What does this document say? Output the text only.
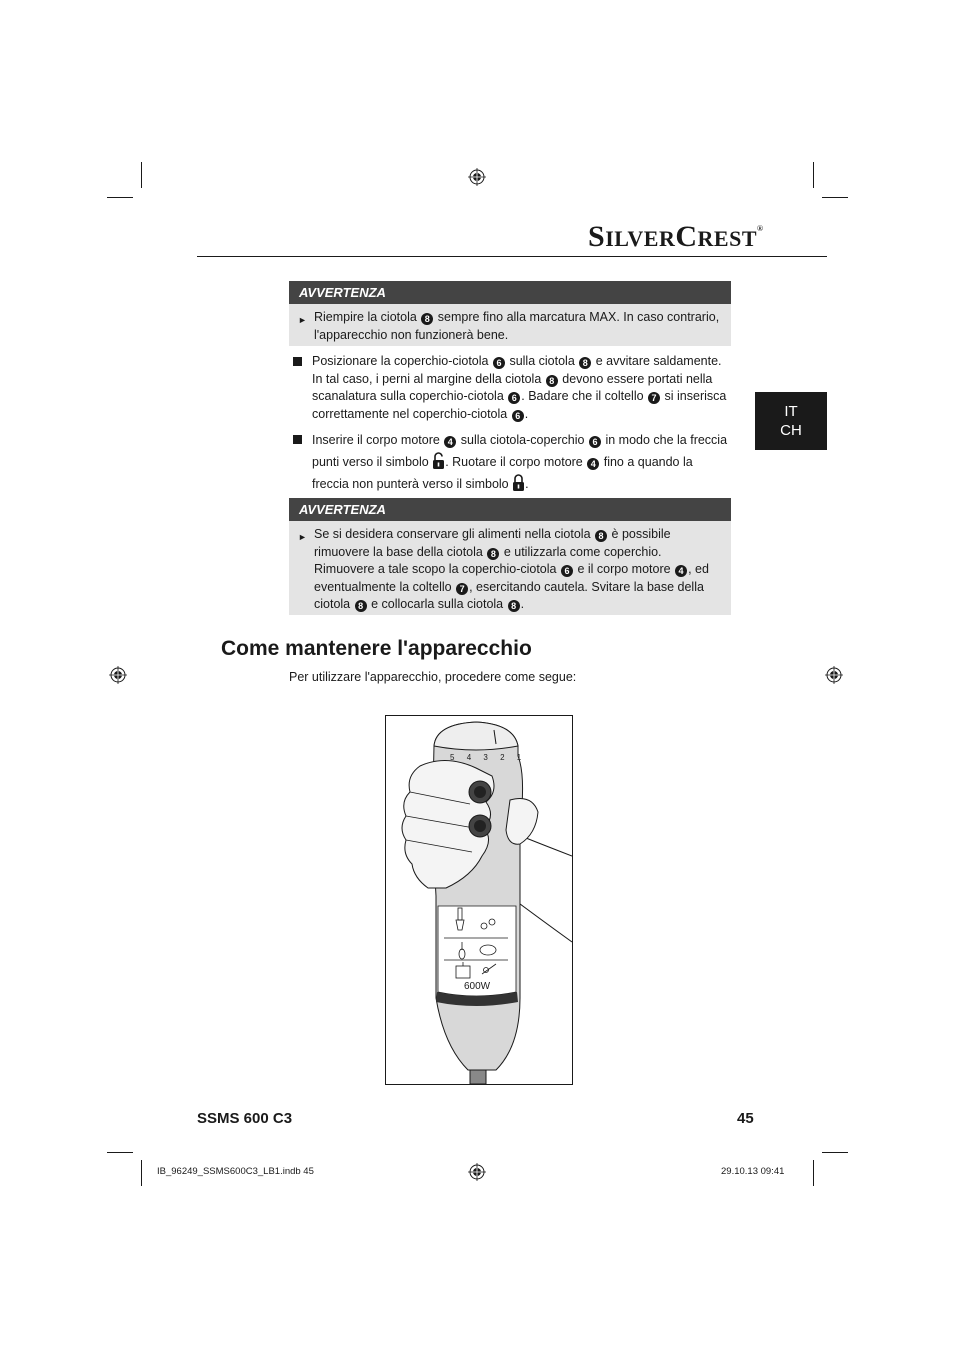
SILVERCREST®
IT
CH
AVVERTENZA
► Riempire la ciotola 8 sempre fino alla marcatura MAX. In caso contrario, l'apparecchio non funzionerà bene.
Posizionare la coperchio-ciotola 6 sulla ciotola 8 e avvitare saldamente. In tal caso, i perni al margine della ciotola 8 devono essere portati nella scanalatura sulla coperchio-ciotola 6 . Badare che il coltello 7 si inserisca correttamente nel coperchio-ciotola 6 .
Inserire il corpo motore 4 sulla ciotola-coperchio 6 in modo che la freccia punti verso il simbolo . Ruotare il corpo motore 4 fino a quando la freccia non punterà verso il simbolo .
AVVERTENZA
► Se si desidera conservare gli alimenti nella ciotola 8 è possibile rimuovere la base della ciotola 8 e utilizzarla come coperchio. Rimuovere a tale scopo la coperchio-ciotola 6 e il corpo motore 4 , ed eventualmente la coltello 7 , esercitando cautela. Svitare la base della ciotola 8 e collocarla sulla ciotola 8 .
Come mantenere l'apparecchio
Per utilizzare l'apparecchio, procedere come segue:
5 4 3 2 1
600W
SSMS 600 C3	45
IB_96249_SSMS600C3_LB1.indb 45	29.10.13 09:41
